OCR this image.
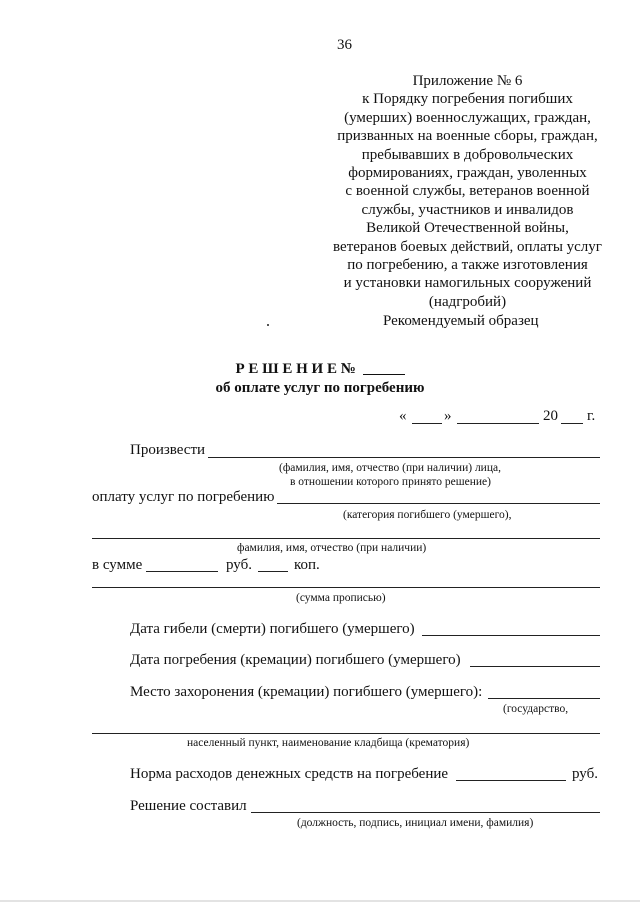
36
Приложение № 6
к Порядку погребения погибших
(умерших) военнослужащих, граждан,
призванных на военные сборы, граждан,
пребывавших в добровольческих
формированиях, граждан, уволенных
с военной службы, ветеранов военной
службы, участников и инвалидов
Великой Отечественной войны,
ветеранов боевых действий, оплаты услуг
по погребению, а также изготовления
и установки намогильных сооружений
(надгробий)
Рекомендуемый образец
Р Е Ш Е Н И Е №
об оплате услуг по погребению
«	»	20 г.
Произвести
(фамилия, имя, отчество (при наличии) лица,
в отношении которого принято решение)
оплату услуг по погребению
(категория погибшего (умершего),
фамилия, имя, отчество (при наличии)
в сумме	руб.	коп.
(сумма прописью)
Дата гибели (смерти) погибшего (умершего)
Дата погребения (кремации) погибшего (умершего)
Место захоронения (кремации) погибшего (умершего):
(государство,
населенный пункт, наименование кладбища (крематория)
Норма расходов денежных средств на погребение	руб.
Решение составил
(должность, подпись, инициал имени, фамилия)
